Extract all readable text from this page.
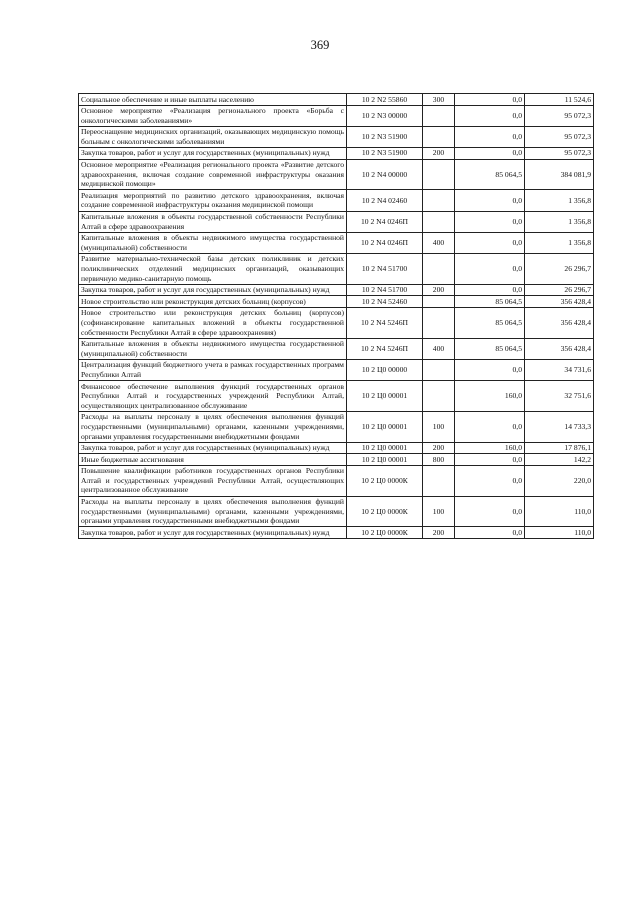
369
Социальное обеспечение и иные выплаты населению	10 2 N2 55860	300	0,0	11 524,6
Основное мероприятие «Реализация регионального проекта «Борьба с онкологическими заболеваниями»	10 2 N3 00000		0,0	95 072,3
Переоснащение медицинских организаций, оказывающих медицинскую помощь больным с онкологическими заболеваниями	10 2 N3 51900		0,0	95 072,3
Закупка товаров, работ и услуг для государственных (муниципальных) нужд	10 2 N3 51900	200	0,0	95 072,3
Основное мероприятие «Реализация регионального проекта «Развитие детского здравоохранения, включая создание современной инфраструктуры оказания медицинской помощи»	10 2 N4 00000		85 064,5	384 081,9
Реализация мероприятий по развитию детского здравоохранения, включая создание современной инфраструктуры оказания медицинской помощи	10 2 N4 02460		0,0	1 356,8
Капитальные вложения в объекты государственной собственности Республики Алтай в сфере здравоохранения	10 2 N4 0246П		0,0	1 356,8
Капитальные вложения в объекты недвижимого имущества государственной (муниципальной) собственности	10 2 N4 0246П	400	0,0	1 356,8
Развитие материально-технической базы детских поликлиник и детских поликлинических отделений медицинских организаций, оказывающих первичную медико-санитарную помощь	10 2 N4 51700		0,0	26 296,7
Закупка товаров, работ и услуг для государственных (муниципальных) нужд	10 2 N4 51700	200	0,0	26 296,7
Новое строительство или реконструкция детских больниц (корпусов)	10 2 N4 52460		85 064,5	356 428,4
Новое строительство или реконструкция детских больниц (корпусов) (софинансирование капитальных вложений в объекты государственной собственности Республики Алтай в сфере здравоохранения)	10 2 N4 5246П		85 064,5	356 428,4
Капитальные вложения в объекты недвижимого имущества государственной (муниципальной) собственности	10 2 N4 5246П	400	85 064,5	356 428,4
Централизация функций бюджетного учета в рамках государственных программ Республики Алтай	10 2 Ц0 00000		0,0	34 731,6
Финансовое обеспечение выполнения функций государственных органов Республики Алтай и государственных учреждений Республики Алтай, осуществляющих централизованное обслуживание	10 2 Ц0 00001		160,0	32 751,6
Расходы на выплаты персоналу в целях обеспечения выполнения функций государственными (муниципальными) органами, казенными учреждениями, органами управления государственными внебюджетными фондами	10 2 Ц0 00001	100	0,0	14 733,3
Закупка товаров, работ и услуг для государственных (муниципальных) нужд	10 2 Ц0 00001	200	160,0	17 876,1
Иные бюджетные ассигнования	10 2 Ц0 00001	800	0,0	142,2
Повышение квалификации работников государственных органов Республики Алтай и государственных учреждений Республики Алтай, осуществляющих централизованное обслуживание	10 2 Ц0 0000К		0,0	220,0
Расходы на выплаты персоналу в целях обеспечения выполнения функций государственными (муниципальными) органами, казенными учреждениями, органами управления государственными внебюджетными фондами	10 2 Ц0 0000К	100	0,0	110,0
Закупка товаров, работ и услуг для государственных (муниципальных) нужд	10 2 Ц0 0000К	200	0,0	110,0
